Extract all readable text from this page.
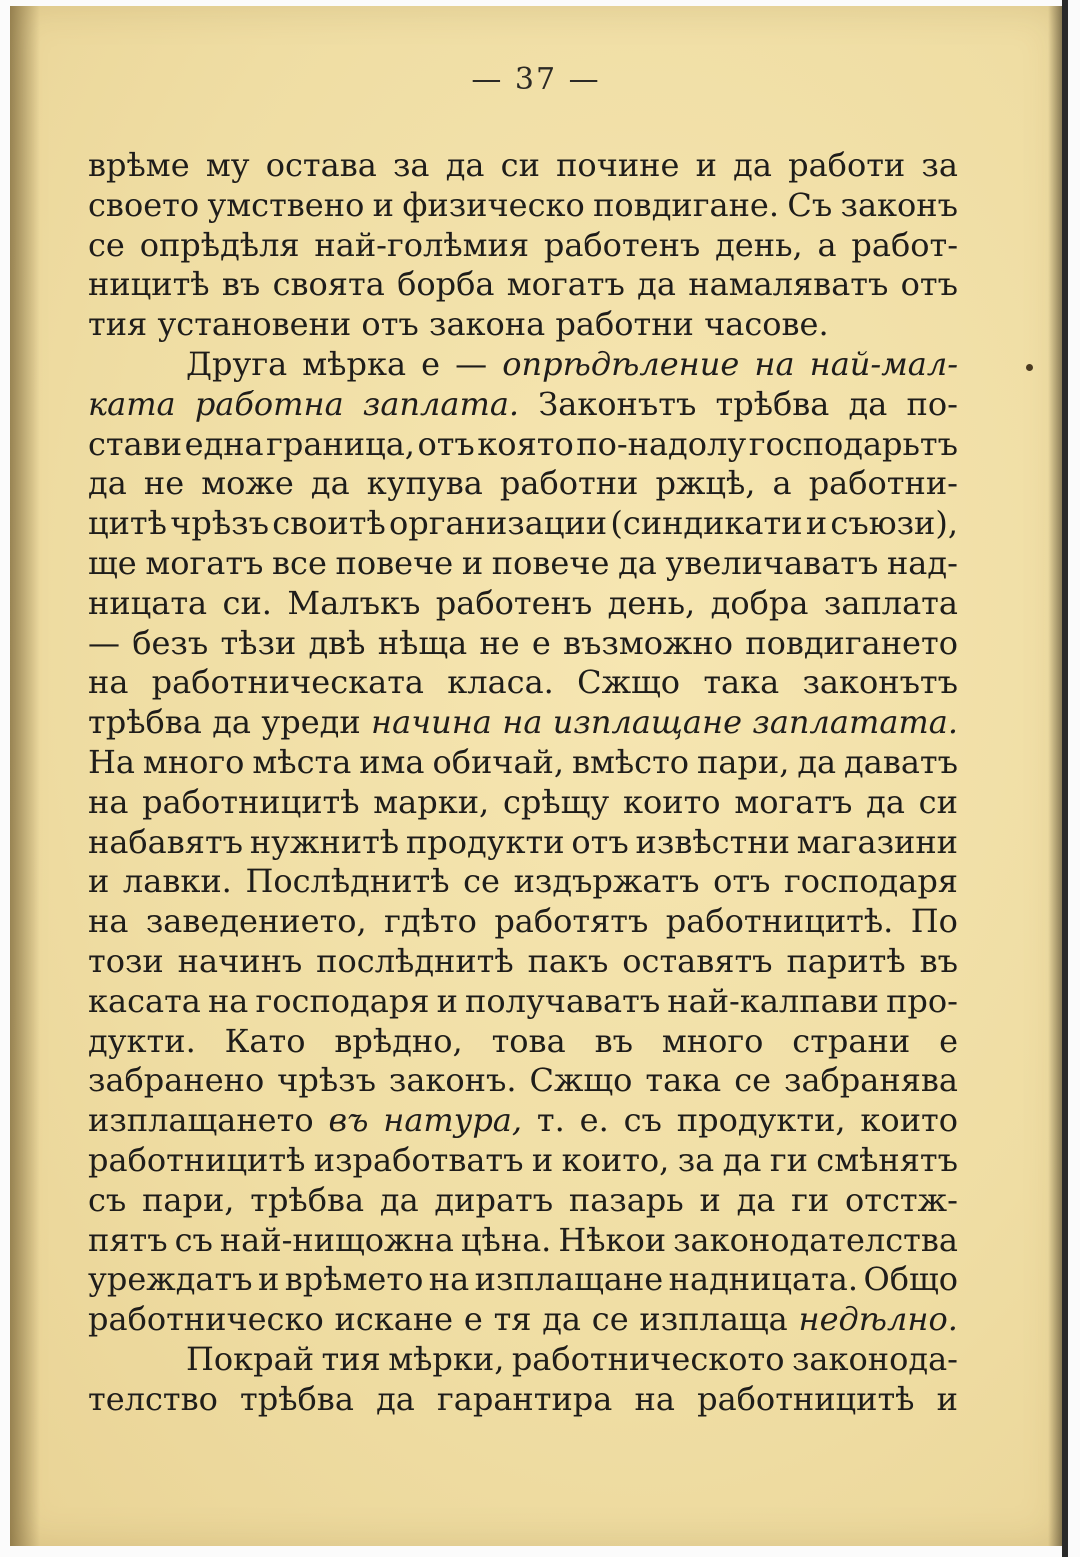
— 37 —
врѣме му остава за да си почине и да работи за
своето умствено и физическо повдигане. Съ законъ
се опрѣдѣля най-голѣмия работенъ день, а работ-
ницитѣ въ своята борба могатъ да намаляватъ отъ
тия установени отъ закона работни часове.
Друга мѣрка е — опрѣдѣление на най-мал-
ката работна заплата. Законътъ трѣбва да по-
стави една граница, отъ която по-надолу господарьтъ
да не може да купува работни ржцѣ, а работни-
цитѣ чрѣзъ своитѣ организации (синдикати и съюзи),
ще могатъ все повече и повече да увеличаватъ над-
ницата си. Малъкъ работенъ день, добра заплата
— безъ тѣзи двѣ нѣща не е възможно повдигането
на работническата класа. Сжщо така законътъ
трѣбва да уреди начина на изплащане заплатата.
На много мѣста има обичай, вмѣсто пари, да даватъ
на работницитѣ марки, срѣщу които могатъ да си
набавятъ нужнитѣ продукти отъ извѣстни магазини
и лавки. Послѣднитѣ се издържатъ отъ господаря
на заведението, гдѣто работятъ работницитѣ. По
този начинъ послѣднитѣ пакъ оставятъ паритѣ въ
касата на господаря и получаватъ най-калпави про-
дукти. Като врѣдно, това въ много страни е
забранено чрѣзъ законъ. Сжщо така се забранява
изплащането въ натура, т. е. съ продукти, които
работницитѣ изработватъ и които, за да ги смѣнятъ
съ пари, трѣбва да диратъ пазарь и да ги отстж-
пятъ съ най-нищожна цѣна. Нѣкои законодателства
уреждатъ и врѣмето на изплащане надницата. Общо
работническо искане е тя да се изплаща недѣлно.
Покрай тия мѣрки, работническото законода-
телство трѣбва да гарантира на работницитѣ и
